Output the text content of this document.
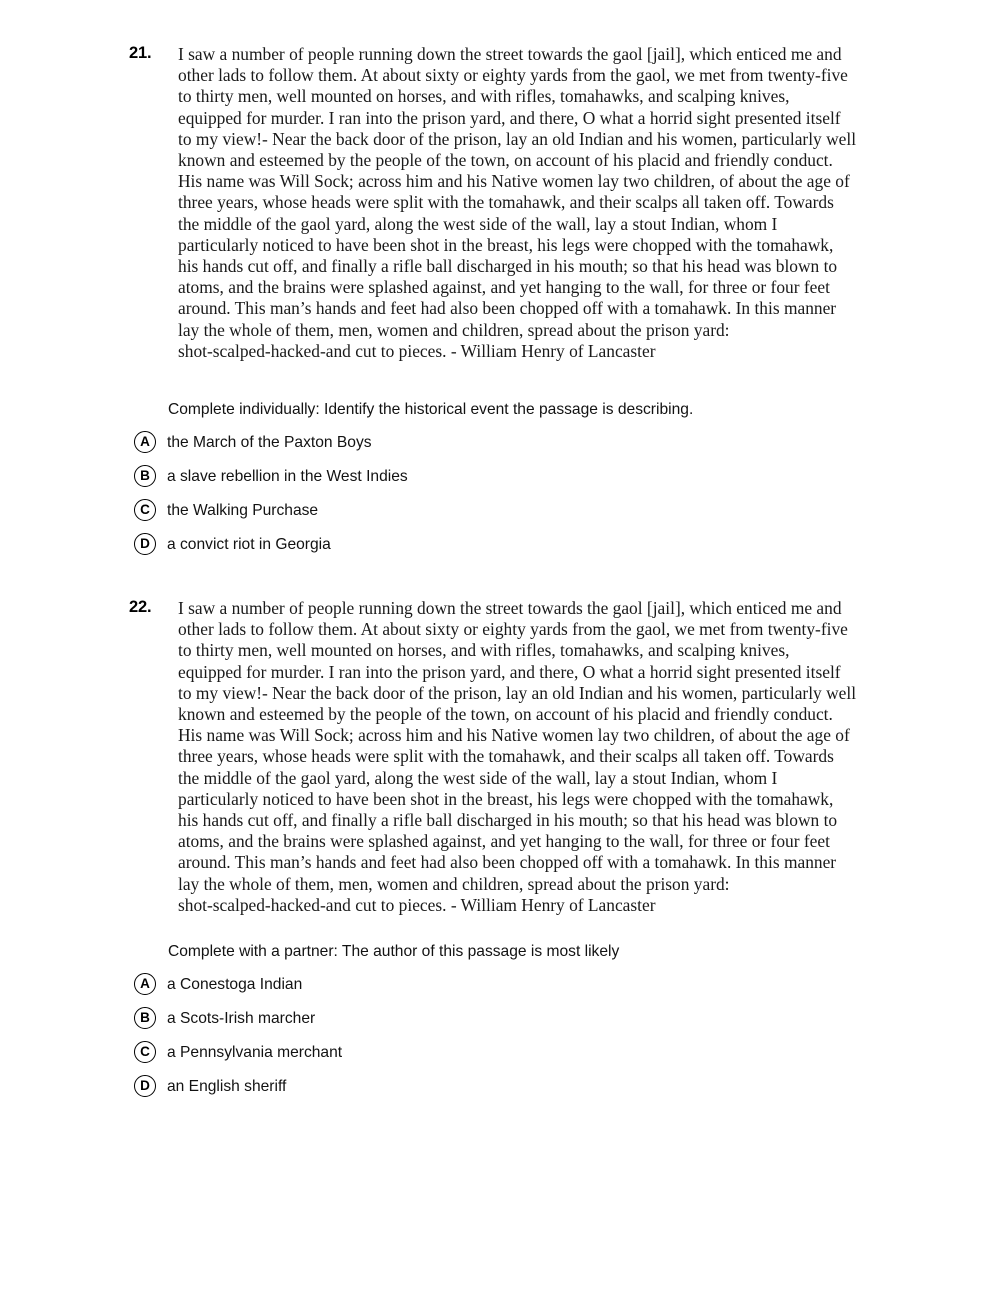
21.	I saw a number of people running down the street towards the gaol [jail], which enticed me and
other lads to follow them. At about sixty or eighty yards from the gaol, we met from twenty-five
to thirty men, well mounted on horses, and with rifles, tomahawks, and scalping knives,
equipped for murder. I ran into the prison yard, and there, O what a horrid sight presented itself
to my view!- Near the back door of the prison, lay an old Indian and his women, particularly well
known and esteemed by the people of the town, on account of his placid and friendly conduct.
His name was Will Sock; across him and his Native women lay two children, of about the age of
three years, whose heads were split with the tomahawk, and their scalps all taken off. Towards
the middle of the gaol yard, along the west side of the wall, lay a stout Indian, whom I
particularly noticed to have been shot in the breast, his legs were chopped with the tomahawk,
his hands cut off, and finally a rifle ball discharged in his mouth; so that his head was blown to
atoms, and the brains were splashed against, and yet hanging to the wall, for three or four feet
around. This man’s hands and feet had also been chopped off with a tomahawk. In this manner
lay the whole of them, men, women and children, spread about the prison yard:
shot-scalped-hacked-and cut to pieces. - William Henry of Lancaster
Complete individually: Identify the historical event the passage is describing.
A	the March of the Paxton Boys
B	a slave rebellion in the West Indies
C	the Walking Purchase
D	a convict riot in Georgia
22.	I saw a number of people running down the street towards the gaol [jail], which enticed me and
other lads to follow them. At about sixty or eighty yards from the gaol, we met from twenty-five
to thirty men, well mounted on horses, and with rifles, tomahawks, and scalping knives,
equipped for murder. I ran into the prison yard, and there, O what a horrid sight presented itself
to my view!- Near the back door of the prison, lay an old Indian and his women, particularly well
known and esteemed by the people of the town, on account of his placid and friendly conduct.
His name was Will Sock; across him and his Native women lay two children, of about the age of
three years, whose heads were split with the tomahawk, and their scalps all taken off. Towards
the middle of the gaol yard, along the west side of the wall, lay a stout Indian, whom I
particularly noticed to have been shot in the breast, his legs were chopped with the tomahawk,
his hands cut off, and finally a rifle ball discharged in his mouth; so that his head was blown to
atoms, and the brains were splashed against, and yet hanging to the wall, for three or four feet
around. This man’s hands and feet had also been chopped off with a tomahawk. In this manner
lay the whole of them, men, women and children, spread about the prison yard:
shot-scalped-hacked-and cut to pieces. - William Henry of Lancaster
Complete with a partner: The author of this passage is most likely
A	a Conestoga Indian
B	a Scots-Irish marcher
C	a Pennsylvania merchant
D	an English sheriff
